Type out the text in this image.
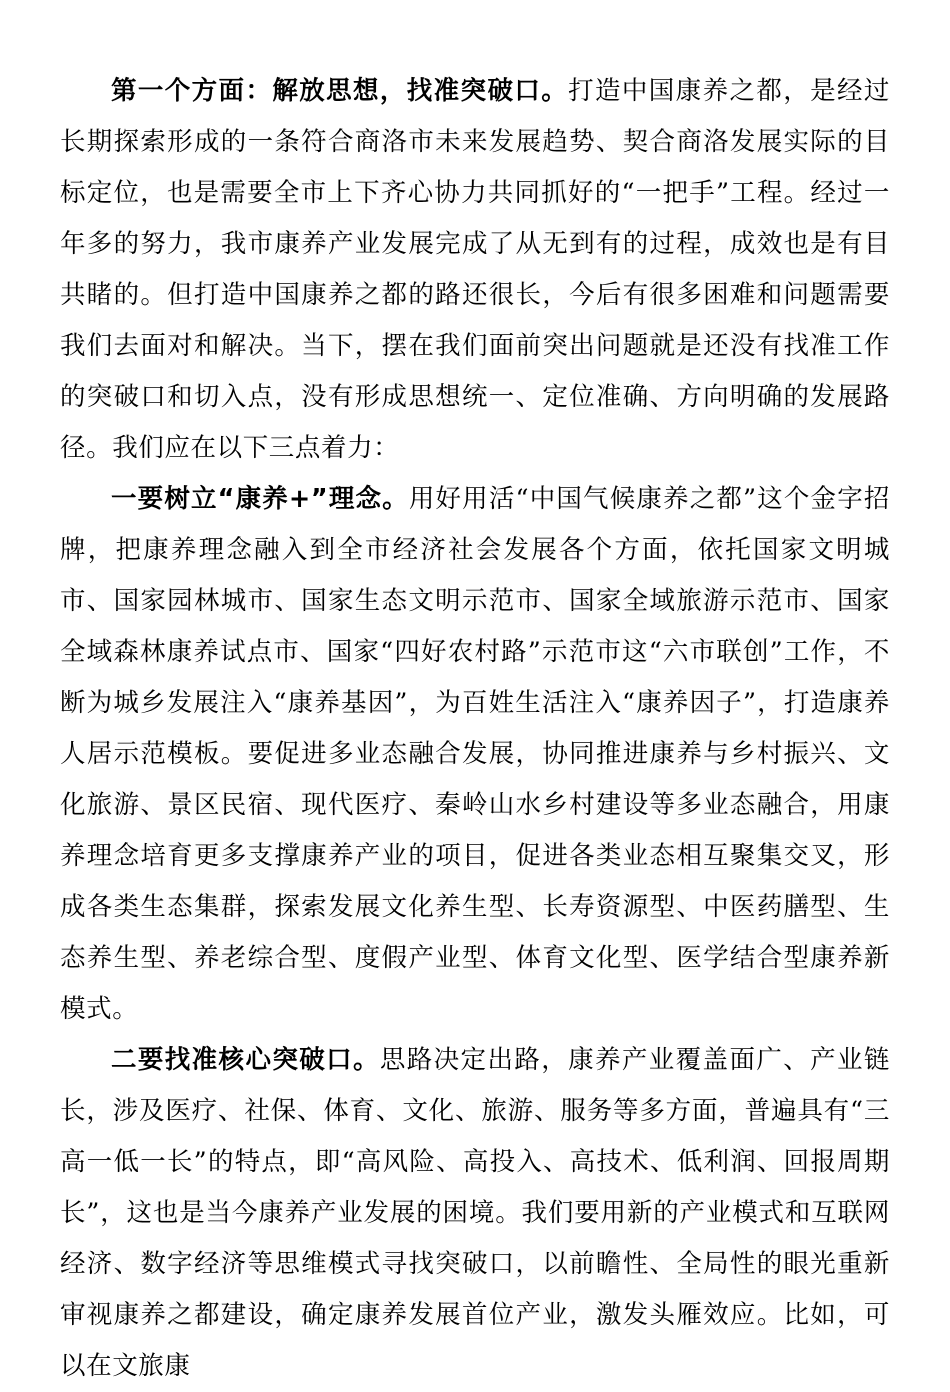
第一个方面：解放思想，找准突破口。打造中国康养之都，是经过长期探索形成的一条符合商洛市未来发展趋势、契合商洛发展实际的目标定位，也是需要全市上下齐心协力共同抓好的“一把手”工程。经过一年多的努力，我市康养产业发展完成了从无到有的过程，成效也是有目共睹的。但打造中国康养之都的路还很长，今后有很多困难和问题需要我们去面对和解决。当下，摆在我们面前突出问题就是还没有找准工作的突破口和切入点，没有形成思想统一、定位准确、方向明确的发展路径。我们应在以下三点着力：

一要树立“康养+”理念。用好用活“中国气候康养之都”这个金字招牌，把康养理念融入到全市经济社会发展各个方面，依托国家文明城市、国家园林城市、国家生态文明示范市、国家全域旅游示范市、国家全域森林康养试点市、国家“四好农村路”示范市这“六市联创”工作，不断为城乡发展注入“康养基因”，为百姓生活注入“康养因子”，打造康养人居示范模板。要促进多业态融合发展，协同推进康养与乡村振兴、文化旅游、景区民宿、现代医疗、秦岭山水乡村建设等多业态融合，用康养理念培育更多支撑康养产业的项目，促进各类业态相互聚集交叉，形成各类生态集群，探索发展文化养生型、长寿资源型、中医药膳型、生态养生型、养老综合型、度假产业型、体育文化型、医学结合型康养新模式。

二要找准核心突破口。思路决定出路，康养产业覆盖面广、产业链长，涉及医疗、社保、体育、文化、旅游、服务等多方面，普遍具有“三高一低一长”的特点，即“高风险、高投入、高技术、低利润、回报周期长”，这也是当今康养产业发展的困境。我们要用新的产业模式和互联网经济、数字经济等思维模式寻找突破口，以前瞻性、全局性的眼光重新审视康养之都建设，确定康养发展首位产业，激发头雁效应。比如，可以在文旅康
